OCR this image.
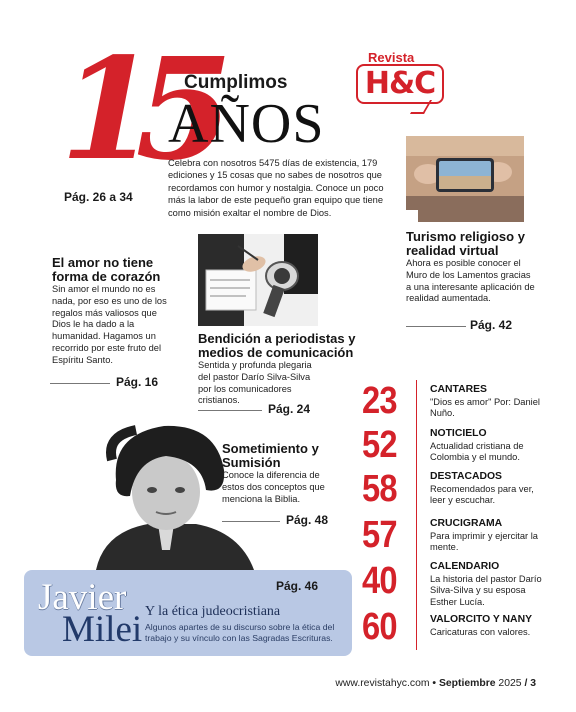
15
Cumplimos
AÑOS

Celebra con nosotros 5475 días de existencia, 179 ediciones y 15 cosas que no sabes de nosotros que recordamos con humor y nostalgia. Conoce un poco más la labor de este pequeño gran equipo que tiene como misión exaltar el nombre de Dios.

Pág. 26 a 34
Revista
H&C
El amor no tiene forma de corazón

Sin amor el mundo no es nada, por eso es uno de los regalos más valiosos que Dios le ha dado a la humanidad. Hagamos un recorrido por este fruto del Espíritu Santo.

Pág. 16
Turismo religioso y realidad virtual

Ahora es posible conocer el Muro de los Lamentos gracias a una interesante aplicación de realidad aumentada.

Pág. 42
Bendición a periodistas y medios de comunicación

Sentida y profunda plegaria del pastor Darío Silva-Silva por los comunicadores cristianos.

Pág. 24
Sometimiento y Sumisión

Conoce la diferencia de estos dos conceptos que menciona la Biblia.

Pág. 48
Pág. 46
Javier
Milei Y la ética judeocristiana

Algunos apartes de su discurso sobre la ética del trabajo y su vínculo con las Sagradas Escrituras.

23	CANTARES

"Dios es amor" Por: Daniel Nuño.

52	NOTICIELO

Actualidad cristiana de Colombia y el mundo.

58	DESTACADOS

Recomendados para ver, leer y escuchar.

57	CRUCIGRAMA

Para imprimir y ejercitar la mente.

40	CALENDARIO

La historia del pastor Darío Silva-Silva y su esposa Esther Lucía.

60	VALORCITO Y NANY

Caricaturas con valores.

www.revistahyc.com • Septiembre 2025 / 3
